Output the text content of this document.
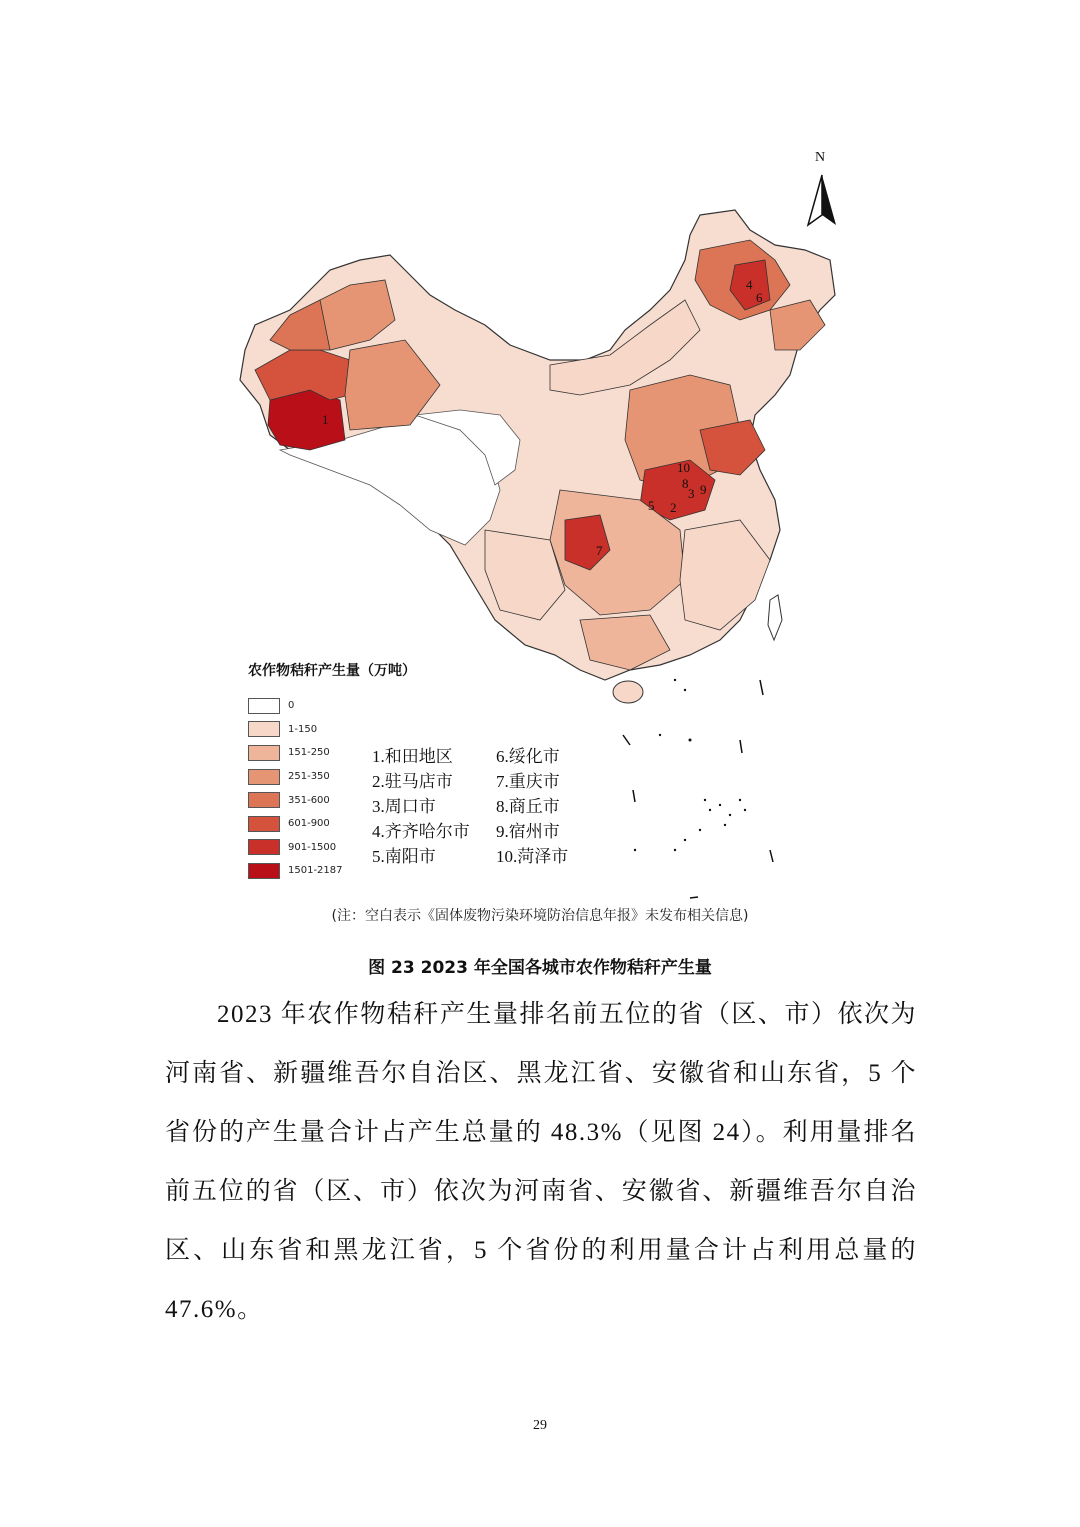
N
1
2
3
4
5
6
7
8 9
10
农作物秸秆产生量（万吨）
0
1-150
151-250
251-350
351-600
601-900
901-1500
1501-2187
1.和田地区	6.绥化市
2.驻马店市	7.重庆市
3.周口市	8.商丘市
4.齐齐哈尔市	9.宿州市
5.南阳市	10.菏泽市
(注：空白表示《固体废物污染环境防治信息年报》未发布相关信息)
图 23 2023 年全国各城市农作物秸秆产生量

2023 年农作物秸秆产生量排名前五位的省（区、市）依次为河南省、新疆维吾尔自治区、黑龙江省、安徽省和山东省，5 个省份的产生量合计占产生总量的 48.3%（见图 24）。利用量排名前五位的省（区、市）依次为河南省、安徽省、新疆维吾尔自治区、山东省和黑龙江省，5 个省份的利用量合计占利用总量的 47.6%。

29
